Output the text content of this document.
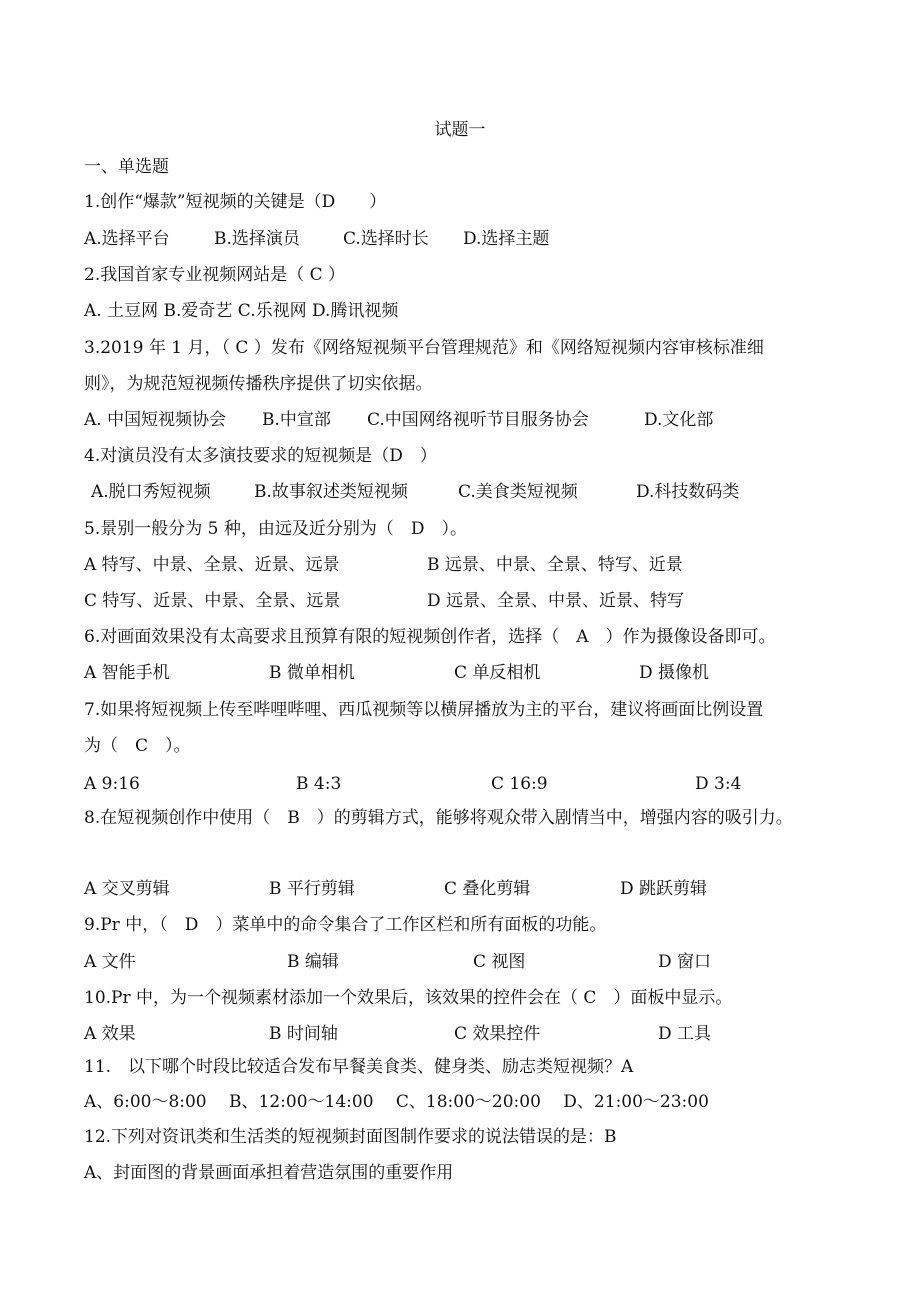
试题一
一、单选题
1.创作“爆款”短视频的关键是（D　　）
A.选择平台	B.选择演员	C.选择时长 D.选择主题
2.我国首家专业视频网站是（ C ）
A. 土豆网 B.爱奇艺 C.乐视网 D.腾讯视频
3.2019 年 1 月，（ C ）发布《网络短视频平台管理规范》和《网络短视频内容审核标准细
则》，为规范短视频传播秩序提供了切实依据。
A. 中国短视频协会 B.中宣部 C.中国网络视听节目服务协会	D.文化部
4.对演员没有太多演技要求的短视频是（D　）
A.脱口秀短视频	B.故事叙述类短视频	C.美食类短视频	D.科技数码类
5.景别一般分为 5 种，由远及近分别为（　D　）。
A 特写、中景、全景、近景、远景	B 远景、中景、全景、特写、近景
C 特写、近景、中景、全景、远景	D 远景、全景、中景、近景、特写
6.对画面效果没有太高要求且预算有限的短视频创作者，选择（　A　）作为摄像设备即可。
A 智能手机	B 微单相机	C 单反相机	D 摄像机
7.如果将短视频上传至哔哩哔哩、西瓜视频等以横屏播放为主的平台，建议将画面比例设置
为（　C　）。
A 9:16	B 4:3	C 16:9	D 3:4
8.在短视频创作中使用（　B　）的剪辑方式，能够将观众带入剧情当中，增强内容的吸引力。
A 交叉剪辑	B 平行剪辑	C 叠化剪辑	D 跳跃剪辑
9.Pr 中，（　D　）菜单中的命令集合了工作区栏和所有面板的功能。
A 文件	B 编辑	C 视图	D 窗口
10.Pr 中，为一个视频素材添加一个效果后，该效果的控件会在（ C　）面板中显示。
A 效果	B 时间轴	C 效果控件	D 工具
11.　以下哪个时段比较适合发布早餐美食类、健身类、励志类短视频？A
A、6:00～8:00　 B、12:00～14:00　 C、18:00～20:00　 D、21:00～23:00
12.下列对资讯类和生活类的短视频封面图制作要求的说法错误的是：B
A、封面图的背景画面承担着营造氛围的重要作用
